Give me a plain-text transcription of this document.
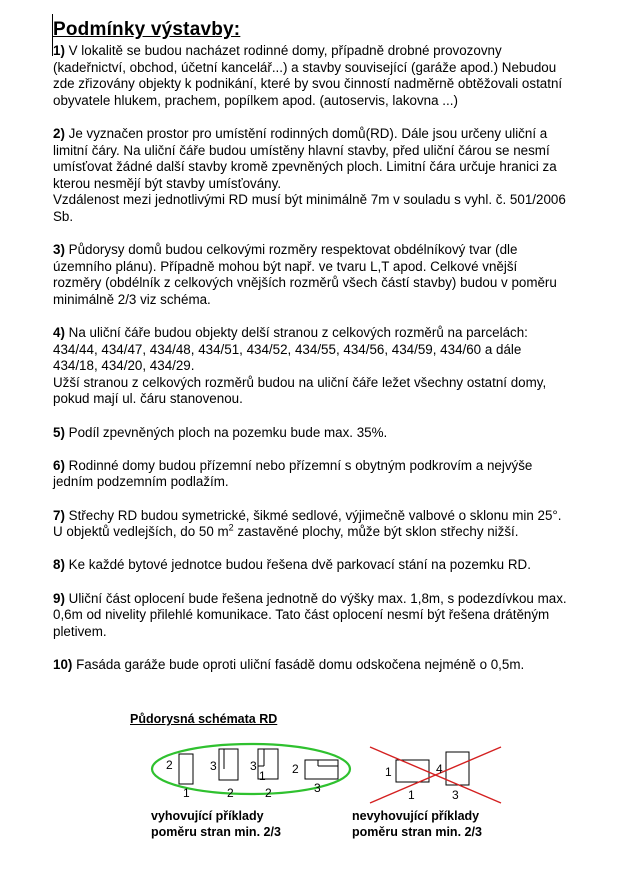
Podmínky výstavby:
1) V lokalitě se budou nacházet rodinné domy, případně drobné provozovny
(kadeřnictví, obchod, účetní kancelář...) a stavby související (garáže apod.) Nebudou
zde zřizovány objekty k podnikání, které by svou činností nadměrně obtěžovali ostatní
obyvatele hlukem, prachem, popílkem apod. (autoservis, lakovna ...)
2) Je vyznačen prostor pro umístění rodinných domů(RD). Dále jsou určeny uliční a
limitní čáry. Na uliční čáře budou umístěny hlavní stavby, před uliční čárou se nesmí
umísťovat žádné další stavby kromě zpevněných ploch. Limitní čára určuje hranici za
kterou nesmějí být stavby umísťovány.
Vzdálenost mezi jednotlivými RD musí být minimálně 7m v souladu s vyhl. č. 501/2006
Sb.
3) Půdorysy domů budou celkovými rozměry respektovat obdélníkový tvar (dle
územního plánu). Případně mohou být např. ve tvaru L,T apod. Celkové vnější
rozměry (obdélník z celkových vnějších rozměrů všech částí stavby) budou v poměru
minimálně 2/3 viz schéma.
4) Na uliční čáře budou objekty delší stranou z celkových rozměrů na parcelách:
434/44, 434/47, 434/48, 434/51, 434/52, 434/55, 434/56, 434/59, 434/60 a dále
434/18, 434/20, 434/29.
Užší stranou z celkových rozměrů budou na uliční čáře ležet všechny ostatní domy,
pokud mají ul. čáru stanovenou.
5) Podíl zpevněných ploch na pozemku bude max. 35%.
6) Rodinné domy budou přízemní nebo přízemní s obytným podkrovím a nejvýše
jedním podzemním podlažím.
7) Střechy RD budou symetrické, šikmé sedlové, výjimečně valbové o sklonu min 25°.
U objektů vedlejších, do 50 $m^2$ zastavěné plochy, může být sklon střechy nižší.
8) Ke každé bytové jednotce budou řešena dvě parkovací stání na pozemku RD.
9) Uliční část oplocení bude řešena jednotně do výšky max. 1,8m, s podezdívkou max.
0,6m od nivelity přilehlé komunikace. Tato část oplocení nesmí být řešena drátěným
pletivem.
10) Fasáda garáže bude oproti uliční fasádě domu odskočena nejméně o 0,5m.
Půdorysná schémata RD
2
1
3
2
3
1
2
2
3
1	4
1	3
vyhovující příklady
poměru stran min. 2/3
nevyhovující příklady
poměru stran min. 2/3
